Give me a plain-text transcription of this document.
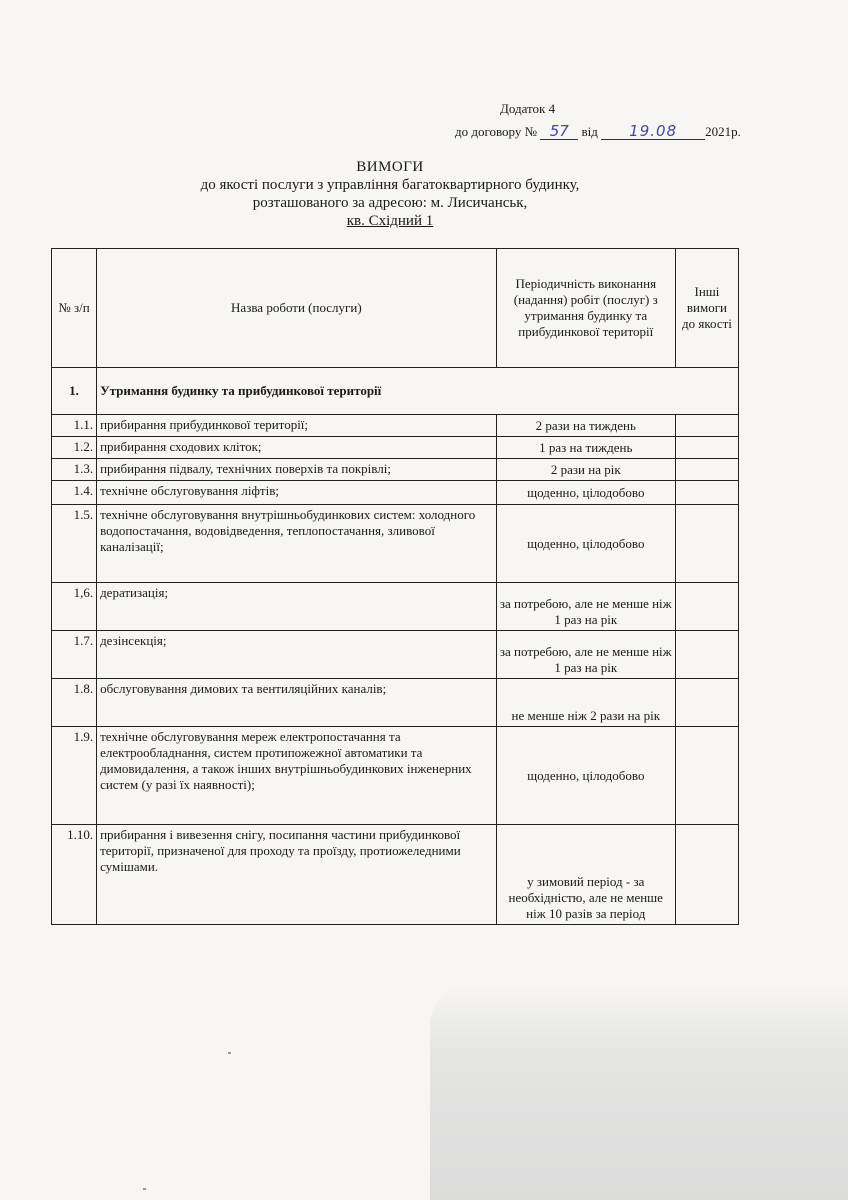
Додаток 4
до договору № 57 від 19.08 2021р.
ВИМОГИ
до якості послуги з управління багатоквартирного будинку,
розташованого за адресою: м. Лисичанськ,
кв. Східний 1
№ з/п	Назва роботи (послуги)	Періодичність виконання (надання) робіт (послуг) з утримання будинку та прибудинкової території	Інші вимоги до якості
1.	Утримання будинку та прибудинкової території		
1.1.	прибирання прибудинкової території;	2 рази на тиждень	
1.2.	прибирання сходових кліток;	1 раз на тиждень	
1.3.	прибирання підвалу, технічних поверхів та покрівлі;	2 рази на рік	
1.4.	технічне обслуговування ліфтів;	щоденно, цілодобово	
1.5.	технічне обслуговування внутрішньобудинкових систем: холодного водопостачання, водовідведення, теплопостачання, зливової каналізації;	щоденно, цілодобово	
1,6.	дератизація;	за потребою, але не менше ніж 1 раз на рік	
1.7.	дезінсекція;	за потребою, але не менше ніж 1 раз на рік	
1.8.	обслуговування димових та вентиляційних каналів;	не менше ніж 2 рази на рік	
1.9.	технічне обслуговування мереж електропостачання та електрообладнання, систем протипожежної автоматики та димовидалення, а також інших внутрішньобудинкових інженерних систем (у разі їх наявності);	щоденно, цілодобово	
1.10.	прибирання і вивезення снігу, посипання частини прибудинкової території, призначеної для проходу та проїзду, протиожеледними сумішами.	у зимовий період - за необхідністю, але не менше ніж 10 разів за період	
